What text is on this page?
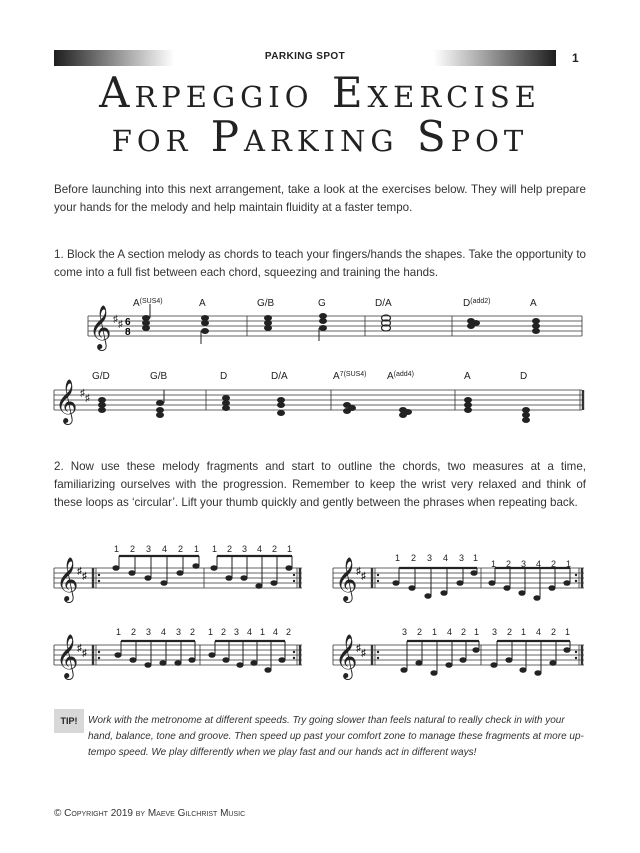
PARKING SPOT	1
Arpeggio Exercise
for Parking Spot

Before launching into this next arrangement, take a look at the exercises below. They will help prepare your hands for the melody and help maintain fluidity at a faster tempo.

1. Block the A section melody as chords to teach your fingers/hands the shapes. Take the opportunity to come into a full fist between each chord, squeezing and training the hands.

2. Now use these melody fragments and start to outline the chords, two measures at a time, familiarizing ourselves with the progression. Remember to keep the wrist very relaxed and think of these loops as ‘circular’. Lift your thumb quickly and gently between the phrases when repeating back.

𝄞 ♯ ♯ 6
8
$A^{(SUS4)}$	A	G/B	G	D/A	$D^{(add2)}$	A
𝄞 ♯ ♯
G/D	G/B	D	D/A	$A^{7(SUS4)}$ $A^{(add4)}$	A	D
𝄞
♯ ♯
1 2 3 4 2 1 1 2 3 4 2 1
𝄞
♯ ♯
1 2 3 4 3 1
1 2 3 4 2 1
𝄞
♯ ♯
1 2 3 4 3 2 1 2 3 4 1 4 2
𝄞
♯ ♯
3 2 1 4 2 1 3 2 1 4 2 1
TIP!	Work with the metronome at different speeds. Try going slower than feels natural to really check in with your hand, balance, tone and groove. Then speed up past your comfort zone to manage these fragments at more up-tempo speed. We play differently when we play fast and our hands act in different ways!

© Copyright 2019 by Maeve Gilchrist Music
